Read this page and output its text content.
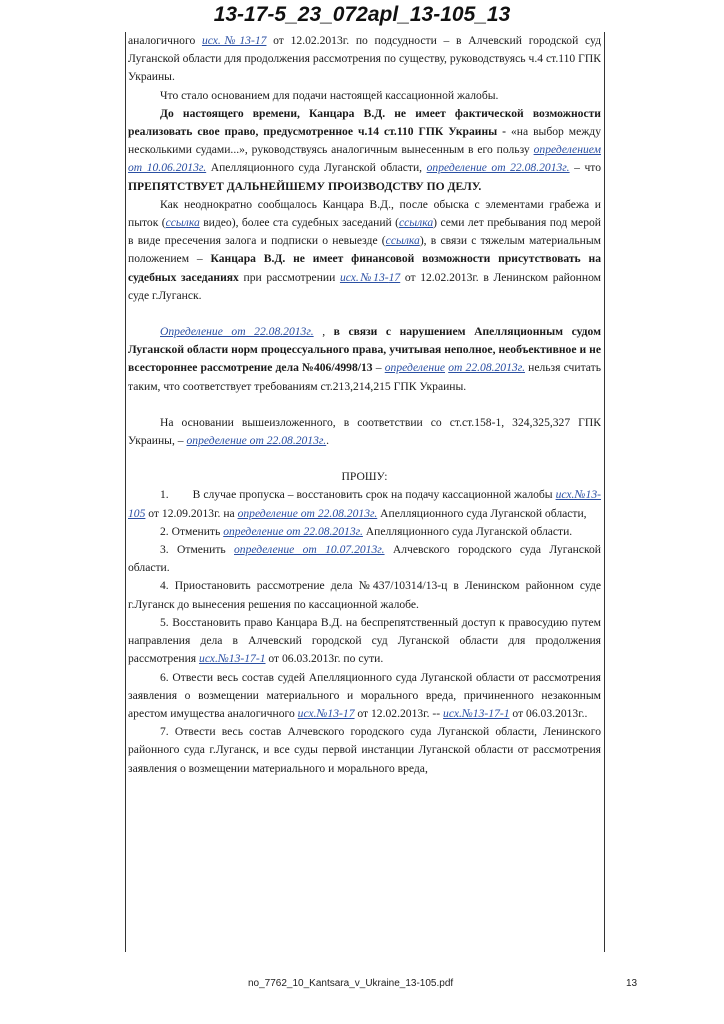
13-17-5_23_072apl_13-105_13

аналогичного исх.№13-17 от 12.02.2013г. по подсудности – в Алчевский городской суд Луганской области для продолжения рассмотрения по существу, руководствуясь ч.4 ст.110 ГПК Украины.

Что стало основанием для подачи настоящей кассационной жалобы.

До настоящего времени, Канцара В.Д. не имеет фактической возможности реализовать свое право, предусмотренное ч.14 ст.110 ГПК Украины - «на выбор между несколькими судами...», руководствуясь аналогичным вынесенным в его пользу определением от 10.06.2013г. Апелляционного суда Луганской области, определение от 22.08.2013г. – что ПРЕПЯТСТВУЕТ ДАЛЬНЕЙШЕМУ ПРОИЗВОДСТВУ ПО ДЕЛУ.

Как неоднократно сообщалось Канцара В.Д., после обыска с элементами грабежа и пыток (ссылка видео), более ста судебных заседаний (ссылка) семи лет пребывания под мерой в виде пресечения залога и подписки о невыезде (ссылка), в связи с тяжелым материальным положением – Канцара В.Д. не имеет финансовой возможности присутствовать на судебных заседаниях при рассмотрении исх.№13-17 от 12.02.2013г. в Ленинском районном суде г.Луганск.

Определение от 22.08.2013г. , в связи с нарушением Апелляционным судом Луганской области норм процессуального права, учитывая неполное, необъективное и не всестороннее рассмотрение дела №406/4998/13 – определение от 22.08.2013г. нельзя считать таким, что соответствует требованиям ст.213,214,215 ГПК Украины.

На основании вышеизложенного, в соответствии со ст.ст.158-1, 324,325,327 ГПК Украины, – определение от 22.08.2013г..

ПРОШУ:

1. В случае пропуска – восстановить срок на подачу кассационной жалобы исх.№13-105 от 12.09.2013г. на определение от 22.08.2013г. Апелляционного суда Луганской области,

2. Отменить определение от 22.08.2013г. Апелляционного суда Луганской области.

3. Отменить определение от 10.07.2013г. Алчевского городского суда Луганской области.

4. Приостановить рассмотрение дела №437/10314/13-ц в Ленинском районном суде г.Луганск до вынесения решения по кассационной жалобе.

5. Восстановить право Канцара В.Д. на беспрепятственный доступ к правосудию путем направления дела в Алчевский городской суд Луганской области для продолжения рассмотрения исх.№13-17-1 от 06.03.2013г. по сути.

6. Отвести весь состав судей Апелляционного суда Луганской области от рассмотрения заявления о возмещении материального и морального вреда, причиненного незаконным арестом имущества аналогичного исх.№13-17 от 12.02.2013г. -- исх.№13-17-1 от 06.03.2013г..

7. Отвести весь состав Алчевского городского суда Луганской области, Ленинского районного суда г.Луганск, и все суды первой инстанции Луганской области от рассмотрения заявления о возмещении материального и морального вреда,

no_7762_10_Kantsara_v_Ukraine_13-105.pdf	13
